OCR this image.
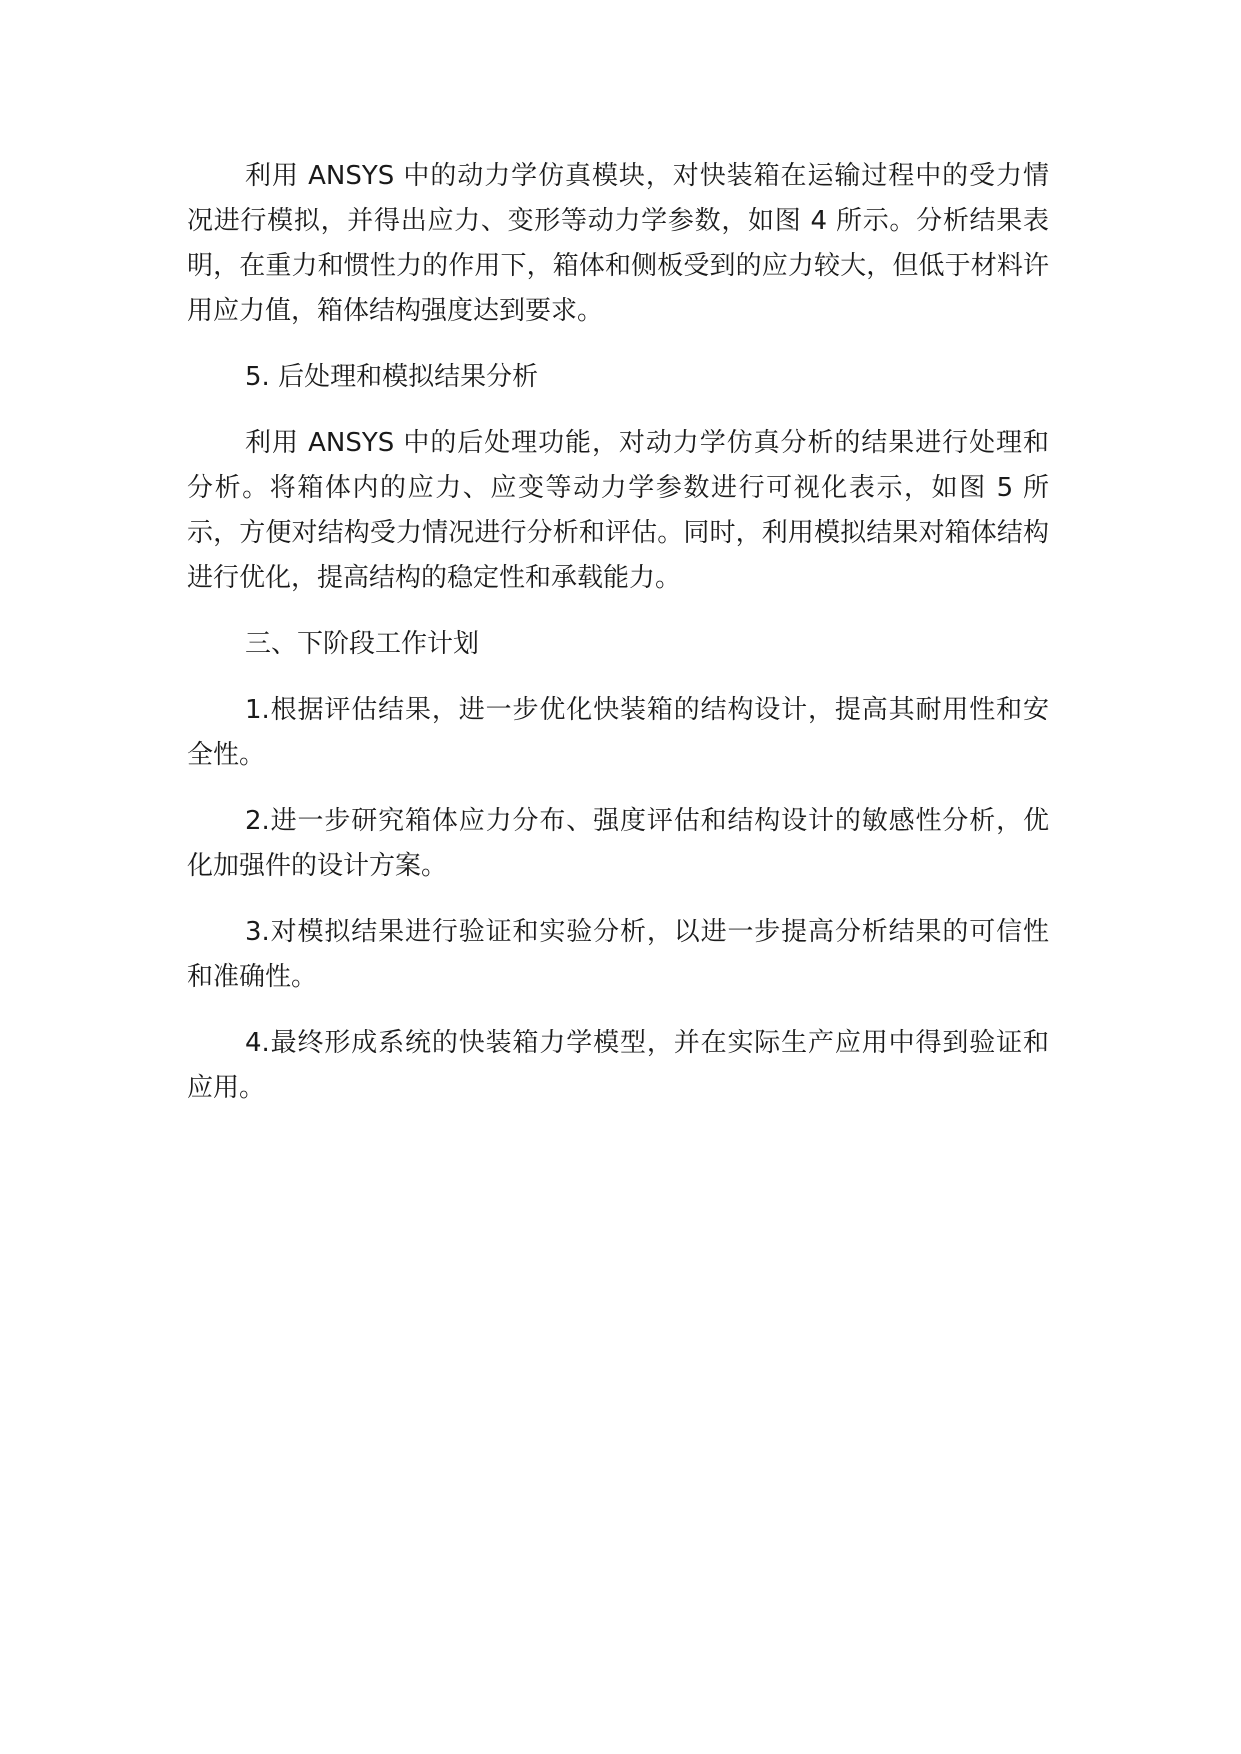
利用 ANSYS 中的动力学仿真模块，对快装箱在运输过程中的受力情况进行模拟，并得出应力、变形等动力学参数，如图 4 所示。分析结果表明，在重力和惯性力的作用下，箱体和侧板受到的应力较大，但低于材料许用应力值，箱体结构强度达到要求。

5. 后处理和模拟结果分析

利用 ANSYS 中的后处理功能，对动力学仿真分析的结果进行处理和分析。将箱体内的应力、应变等动力学参数进行可视化表示，如图 5 所示，方便对结构受力情况进行分析和评估。同时，利用模拟结果对箱体结构进行优化，提高结构的稳定性和承载能力。

三、下阶段工作计划

1.根据评估结果，进一步优化快装箱的结构设计，提高其耐用性和安全性。

2.进一步研究箱体应力分布、强度评估和结构设计的敏感性分析，优化加强件的设计方案。

3.对模拟结果进行验证和实验分析，以进一步提高分析结果的可信性和准确性。

4.最终形成系统的快装箱力学模型，并在实际生产应用中得到验证和应用。
